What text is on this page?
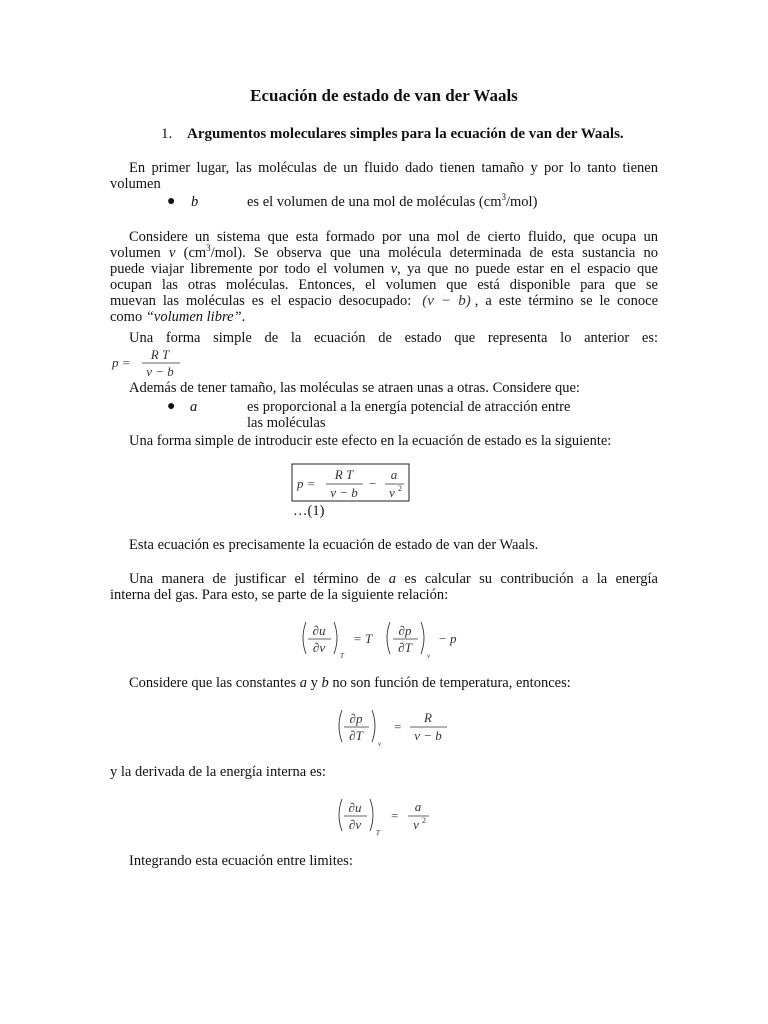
Ecuación de estado de van der Waals
1. Argumentos moleculares simples para la ecuación de van der Waals.

En primer lugar, las moléculas de un fluido dado tienen tamaño y por lo tanto tienen

volumen

● b	es el volumen de una mol de moléculas $(cm^3/mol)$

Considere un sistema que esta formado por una mol de cierto fluido, que ocupa un

volumen v $(cm^3/mol)$. Se observa que una molécula determinada de esta sustancia no

puede viajar libremente por todo el volumen v, ya que no puede estar en el espacio que

ocupan las otras moléculas. Entonces, el volumen que está disponible para que se

muevan las moléculas es el espacio desocupado: (v − b) , a este término se le conoce

como “volumen libre”.

Una forma simple de la ecuación de estado que representa lo anterior es:

p =
R T
v − b
Además de tener tamaño, las moléculas se atraen unas a otras. Considere que:
● a	es proporcional a la energía potencial de atracción entre
las moléculas
Una forma simple de introducir este efecto en la ecuación de estado es la siguiente:
p =
R T
v − b
−
a
v 2
…(1)
Esta ecuación es precisamente la ecuación de estado de van der Waals.

Una manera de justificar el término de a es calcular su contribución a la energía

interna del gas. Para esto, se parte de la siguiente relación:

∂u
∂v
T
= T
∂p
∂T
v
− p
Considere que las constantes a y b no son función de temperatura, entonces:
∂p
∂T
v
=
R
v − b
y la derivada de la energía interna es:
∂u
∂v
T
=
a
v 2
Integrando esta ecuación entre limites:
